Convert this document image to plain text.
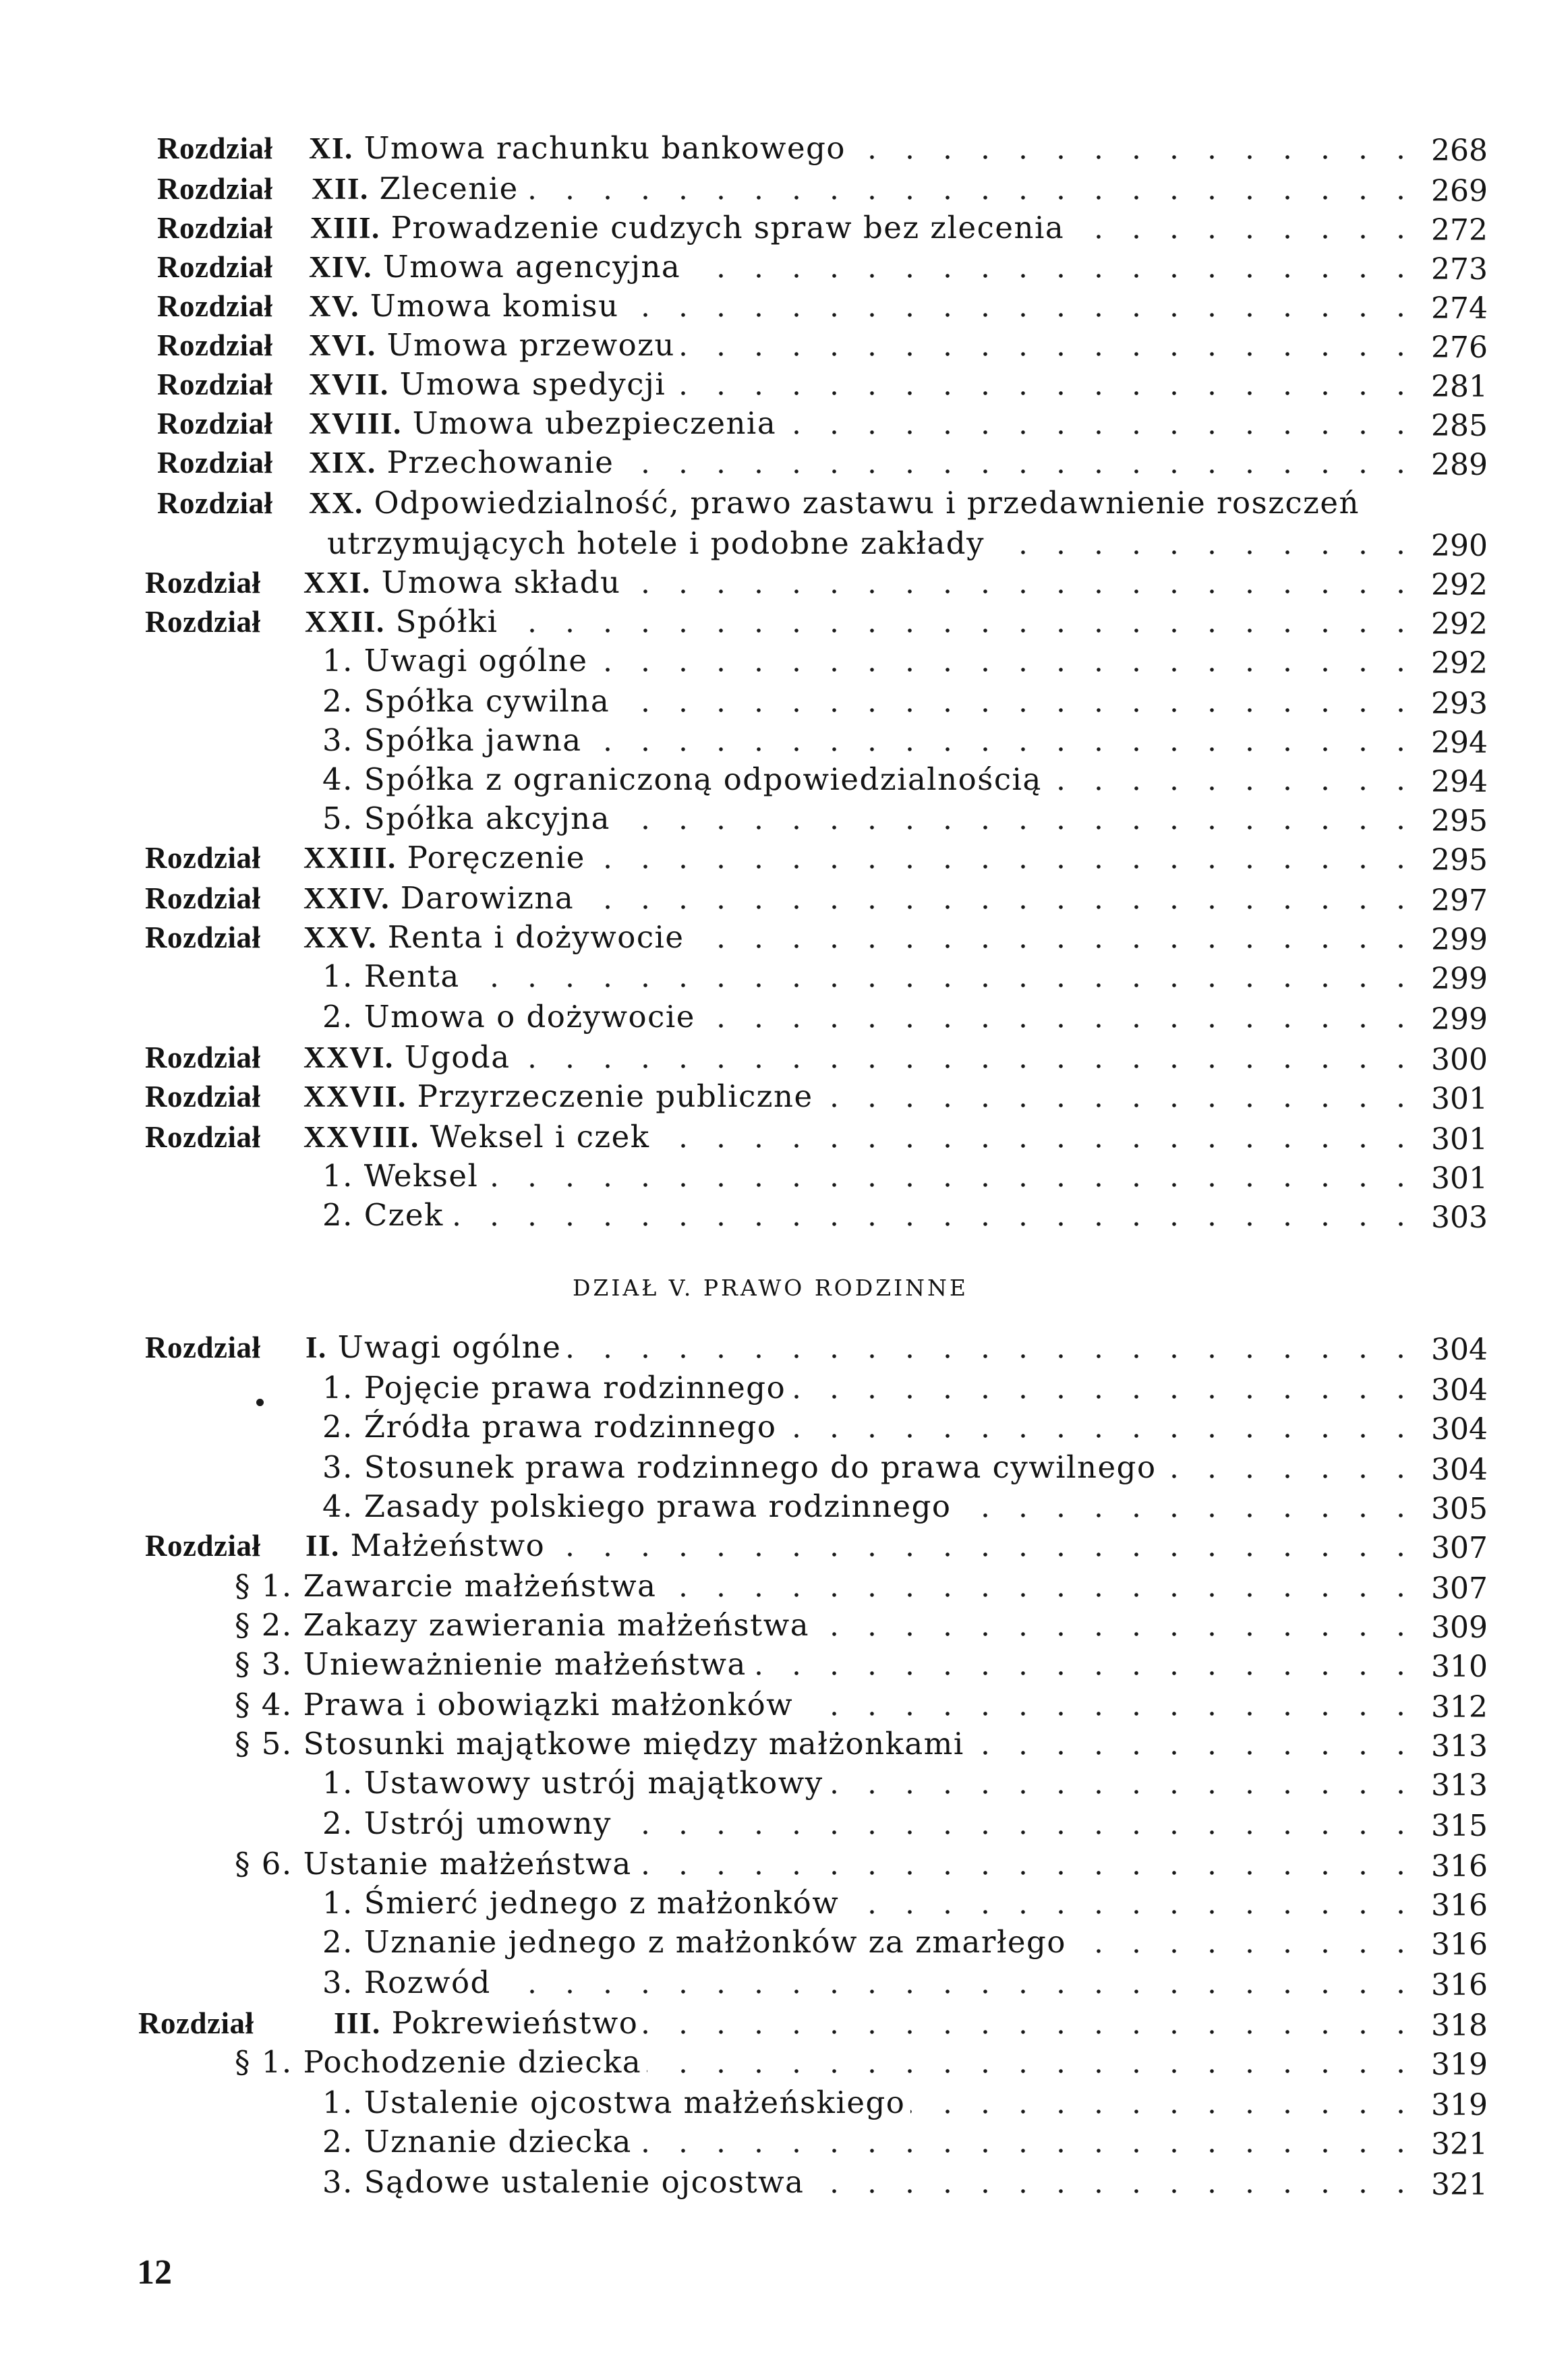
Rozdział XI. Umowa rachunku bankowego	268
Rozdział XII. Zlecenie	269
Rozdział XIII. Prowadzenie cudzych spraw bez zlecenia	272
Rozdział XIV. Umowa agencyjna	273
Rozdział XV. Umowa komisu	274
Rozdział XVI. Umowa przewozu	276
Rozdział XVII. Umowa spedycji	281
Rozdział XVIII. Umowa ubezpieczenia	285
Rozdział XIX. Przechowanie	289
Rozdział XX. Odpowiedzialność, prawo zastawu i przedawnienie roszczeń
utrzymujących hotele i podobne zakłady	290
Rozdział XXI. Umowa składu	292
Rozdział XXII. Spółki	292
1. Uwagi ogólne	292
2. Spółka cywilna	293
3. Spółka jawna	294
4. Spółka z ograniczoną odpowiedzialnością	294
5. Spółka akcyjna	295
Rozdział XXIII. Poręczenie	295
Rozdział XXIV. Darowizna	297
Rozdział XXV. Renta i dożywocie	299
1. Renta	299
2. Umowa o dożywocie	299
Rozdział XXVI. Ugoda	300
Rozdział XXVII. Przyrzeczenie publiczne	301
Rozdział XXVIII. Weksel i czek	301
1. Weksel	301
2. Czek	303
Rozdział I. Uwagi ogólne	304
1. Pojęcie prawa rodzinnego	304
2. Źródła prawa rodzinnego	304
3. Stosunek prawa rodzinnego do prawa cywilnego	304
4. Zasady polskiego prawa rodzinnego	305
Rozdział II. Małżeństwo	307
§ 1. Zawarcie małżeństwa	307
§ 2. Zakazy zawierania małżeństwa	309
§ 3. Unieważnienie małżeństwa	310
§ 4. Prawa i obowiązki małżonków	312
§ 5. Stosunki majątkowe między małżonkami	313
1. Ustawowy ustrój majątkowy	313
2. Ustrój umowny	315
§ 6. Ustanie małżeństwa	316
1. Śmierć jednego z małżonków	316
2. Uznanie jednego z małżonków za zmarłego	316
3. Rozwód	316
Rozdział	III. Pokrewieństwo	318
§ 1. Pochodzenie dziecka	319
1. Ustalenie ojcostwa małżeńskiego	319
2. Uznanie dziecka	321
3. Sądowe ustalenie ojcostwa	321
DZIAŁ V. PRAWO RODZINNE
12
